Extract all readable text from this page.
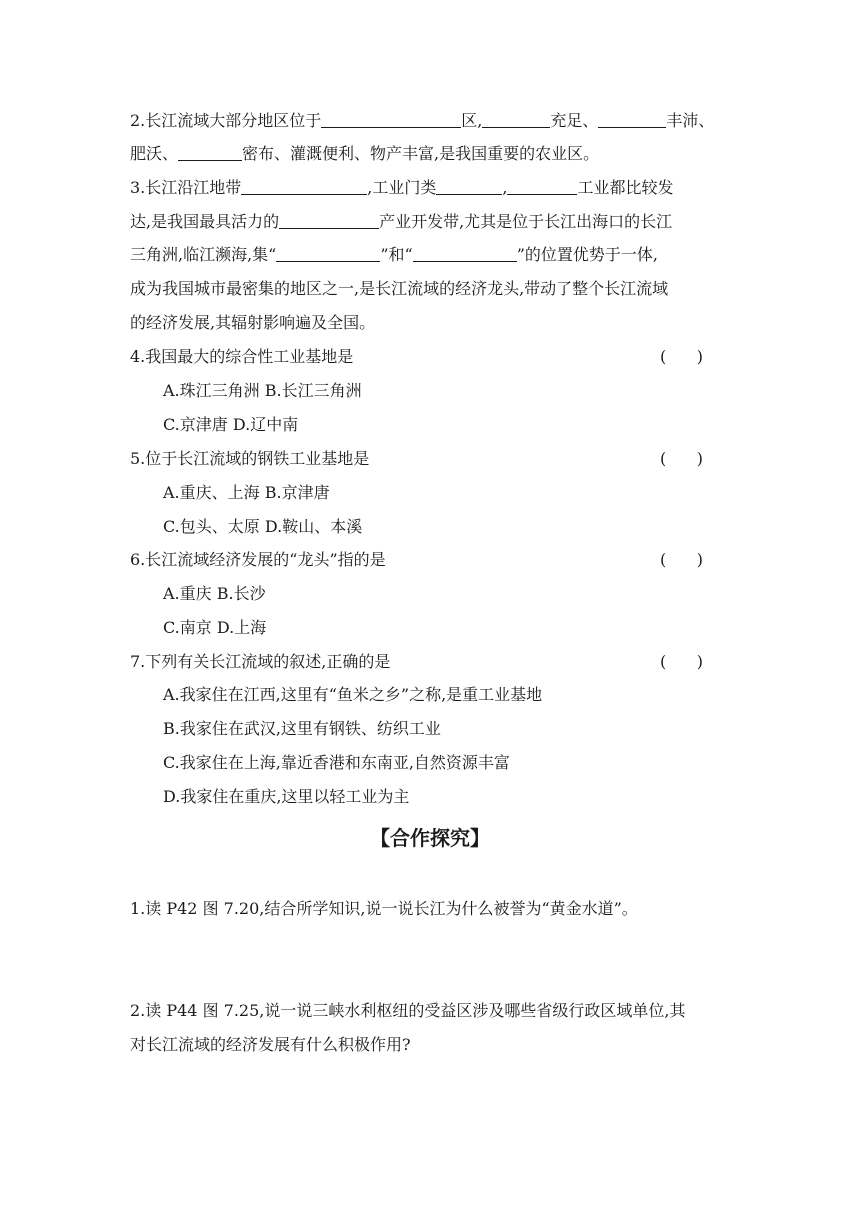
2.长江流域大部分地区位于	区,	充足、	丰沛、
肥沃、	密布、灌溉便利、物产丰富,是我国重要的农业区。
3.长江沿江地带	,工业门类	,	工业都比较发
达,是我国最具活力的	产业开发带,尤其是位于长江出海口的长江
三角洲,临江濒海,集“	”和“	”的位置优势于一体,
成为我国城市最密集的地区之一,是长江流域的经济龙头,带动了整个长江流域
的经济发展,其辐射影响遍及全国。
4.我国最大的综合性工业基地是	(      )
A.珠江三角洲 B.长江三角洲
C.京津唐 D.辽中南
5.位于长江流域的钢铁工业基地是	(      )
A.重庆、上海 B.京津唐
C.包头、太原 D.鞍山、本溪
6.长江流域经济发展的“龙头”指的是	(      )
A.重庆 B.长沙
C.南京 D.上海
7.下列有关长江流域的叙述,正确的是	(      )
A.我家住在江西,这里有“鱼米之乡”之称,是重工业基地
B.我家住在武汉,这里有钢铁、纺织工业
C.我家住在上海,靠近香港和东南亚,自然资源丰富
D.我家住在重庆,这里以轻工业为主
【合作探究】
1.读 P42 图 7.20,结合所学知识,说一说长江为什么被誉为“黄金水道”。
2.读 P44 图 7.25,说一说三峡水利枢纽的受益区涉及哪些省级行政区域单位,其
对长江流域的经济发展有什么积极作用?
